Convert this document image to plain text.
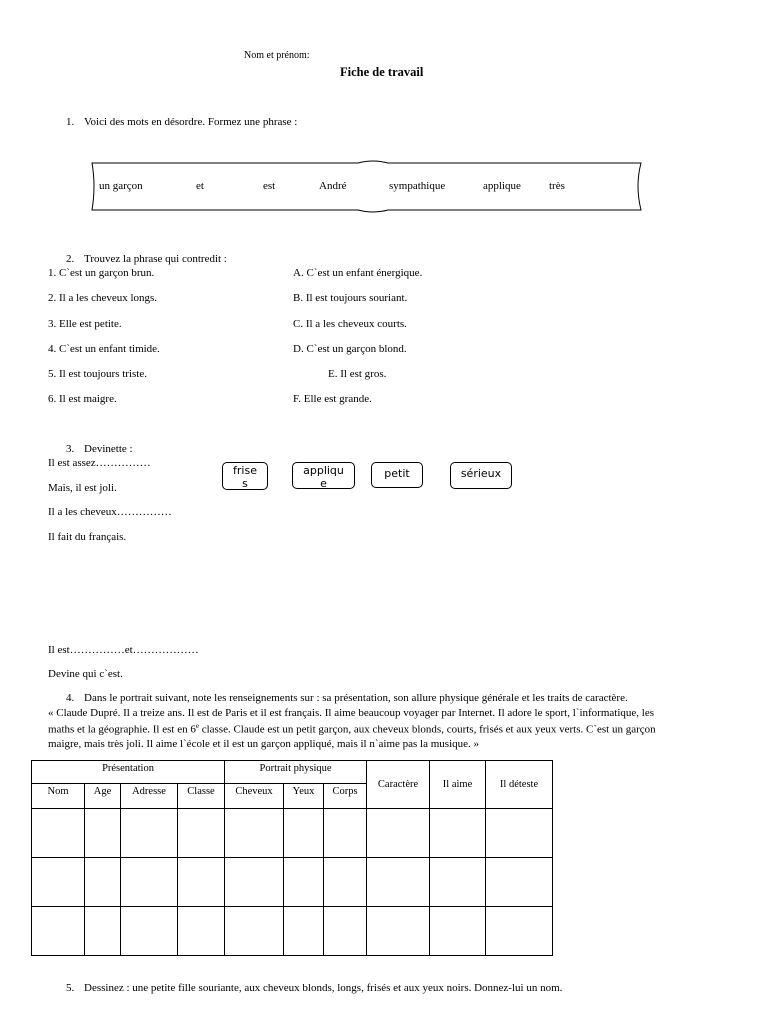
Nom et prénom:
Fiche de travail
1. Voici des mots en désordre. Formez une phrase :
un garçon	et	est	André	sympathique	applique	très
2. Trouvez la phrase qui contredit :
1. C`est un garçon brun.
2. Il a les cheveux longs.
3. Elle est petite.
4. C`est un enfant timide.
5. Il est toujours triste.
6. Il est maigre.
A. C`est un enfant énergique.
B. Il est toujours souriant.
C. Il a les cheveux courts.
D. C`est un garçon blond.
E. Il est gros.
F. Elle est grande.
3. Devinette :
Il est assez……………
Mais, il est joli.
Il a les cheveux……………
Il fait du français.
frise
s
appliqu
e
petit	sérieux
Il est……………et………………
Devine qui c`est.
4. Dans le portrait suivant, note les renseignements sur : sa présentation, son allure physique générale et les traits de caractère.
« Claude Dupré. Il a treize ans. Il est de Paris et il est français. Il aime beaucoup voyager par Internet. Il adore le sport, l`informatique, les
maths et la géographie. Il est en 6e classe. Claude est un petit garçon, aux cheveux blonds, courts, frisés et aux yeux verts. C`est un garçon
maigre, mais très joli. Il aime l`école et il est un garçon appliqué, mais il n`aime pas la musique. »
Présentation				Portrait physique			Caractère	Il aime	Il déteste
Nom	Age	Adresse	Classe	Cheveux	Yeux	Corps			

5. Dessinez : une petite fille souriante, aux cheveux blonds, longs, frisés et aux yeux noirs. Donnez-lui un nom.
